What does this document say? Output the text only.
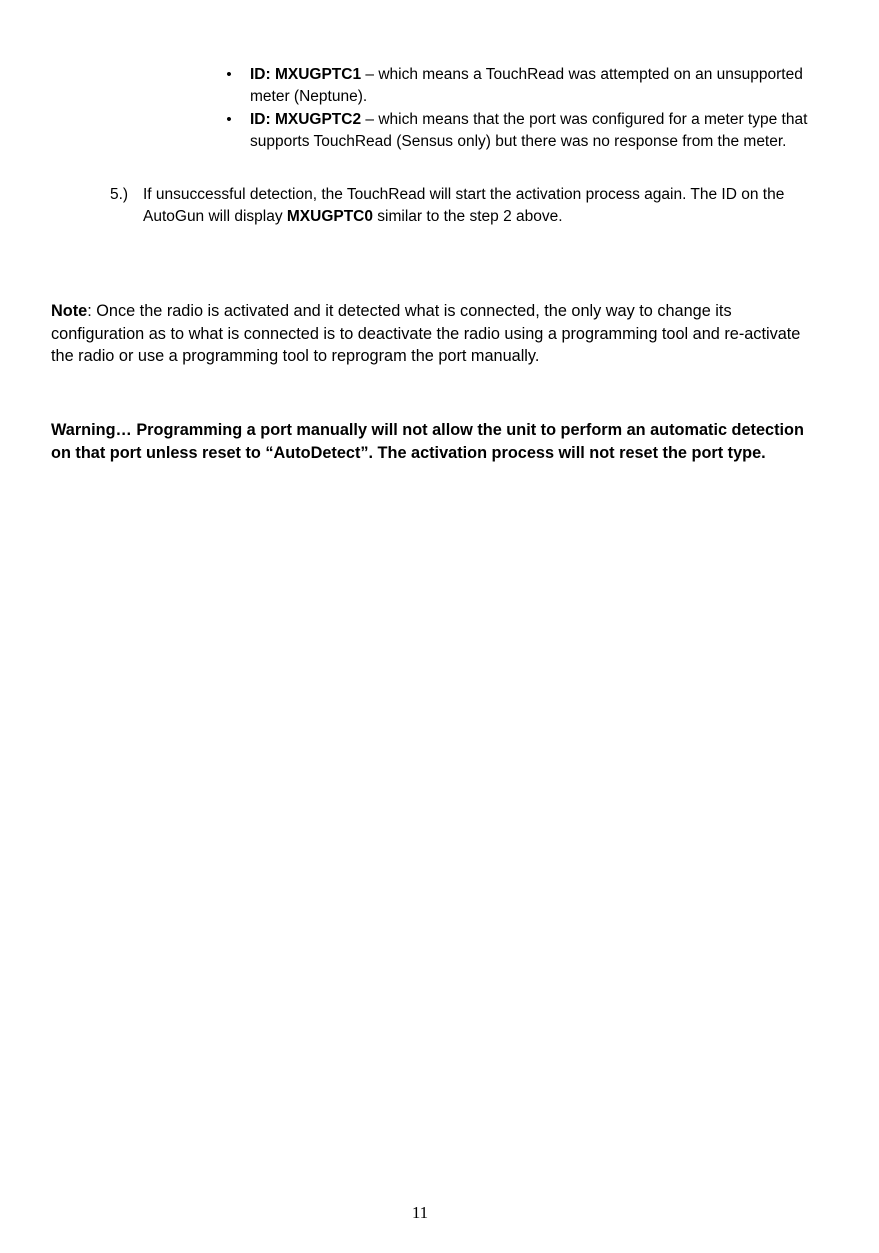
• ID: MXUGPTC1 – which means a TouchRead was attempted on an unsupported meter (Neptune).
• ID: MXUGPTC2 – which means that the port was configured for a meter type that supports TouchRead (Sensus only) but there was no response from the meter.
5.) If unsuccessful detection, the TouchRead will start the activation process again. The ID on the AutoGun will display MXUGPTC0 similar to the step 2 above.

Note: Once the radio is activated and it detected what is connected, the only way to change its configuration as to what is connected is to deactivate the radio using a programming tool and re-activate the radio or use a programming tool to reprogram the port manually.

Warning… Programming a port manually will not allow the unit to perform an automatic detection on that port unless reset to “AutoDetect”. The activation process will not reset the port type.

11
